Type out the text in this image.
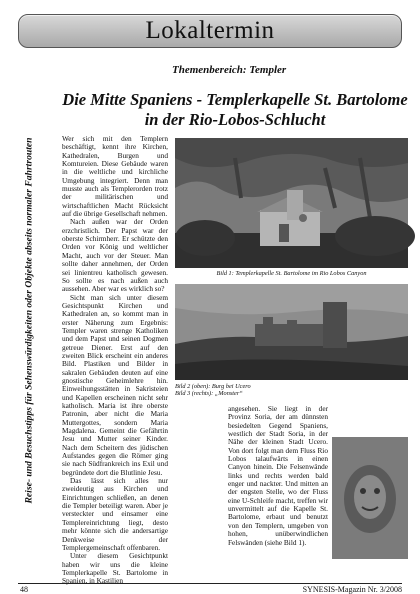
Lokaltermin
Reise- und Besuchstipps für Sehenswürdigkeiten oder Objekte abseits normaler Fahrtrouten
Themenbereich: Templer
Die Mitte Spaniens - Templerkapelle St. Bartolome in der Rio-Lobos-Schlucht

Wer sich mit den Templern beschäftigt, kennt ihre Kirchen, Kathedralen, Burgen und Komtureien. Diese Gebäude waren in die weltliche und kirchliche Umgebung integriert. Denn man musste auch als Templerorden trotz der militärischen und wirtschaftlichen Macht Rücksicht auf die übrige Gesellschaft nehmen.

Nach außen war der Orden erzchristlich. Der Papst war der oberste Schirmherr. Er schützte den Orden vor König und weltlicher Macht, auch vor der Steuer. Man sollte daher annehmen, der Orden sei linientreu katholisch gewesen. So sollte es nach außen auch aussehen. Aber war es wirklich so?

Sicht man sich unter diesem Gesichtspunkt Kirchen und Kathedralen an, so kommt man in erster Näherung zum Ergebnis: Templer waren strenge Katholiken und dem Papst und seinen Dogmen getreue Diener. Erst auf den zweiten Blick erscheint ein anderes Bild. Plastiken und Bilder in sakralen Gebäuden deuten auf eine gnostische Geheimlehre hin. Einweihungsstätten in Sakristeien und Kapellen erscheinen nicht sehr katholisch. Maria ist ihre oberste Patronin, aber nicht die Maria Muttergottes, sondern Maria Magdalena. Gemeint die Gefährtin Jesu und Mutter seiner Kinder. Nach dem Scheitern des jüdischen Aufstandes gegen die Römer ging sie nach Südfrankreich ins Exil und begründete dort die Blutlinie Jesu.

Das lässt sich alles nur zweideutig aus Kirchen und Einrichtungen schließen, an denen die Templer beteiligt waren. Aber je versteckter und einsamer eine Templereinrichtung liegt, desto mehr könnte sich die andersartige Denkweise der Templergemeinschaft offenbaren.

Unter diesem Gesichtpunkt haben wir uns die kleine Templerkapelle St. Bartolome in Spanien, in Kastilien

Bild 1: Templerkapelle St. Bartolome im Rio Lobos Canyon
Bild 2 (oben): Burg bei Ucero
Bild 3 (rechts): „Monster“
angesehen. Sie liegt in der Provinz Soria, der am dünnsten besiedelten Gegend Spaniens, westlich der Stadt Soria, in der Nähe der kleinen Stadt Ucero. Von dort folgt man dem Fluss Rio Lobos talaufwärts in einen Canyon hinein. Die Felsenwände links und rechts werden bald enger und nackter. Und mitten an der engsten Stelle, wo der Fluss eine U-Schleife macht, treffen wir unvermittelt auf die Kapelle St. Bartolome, erbaut und benutzt von den Templern, umgeben von hohen, unüberwindlichen Felswänden (siehe Bild 1).
48	SYNESIS-Magazin Nr. 3/2008
